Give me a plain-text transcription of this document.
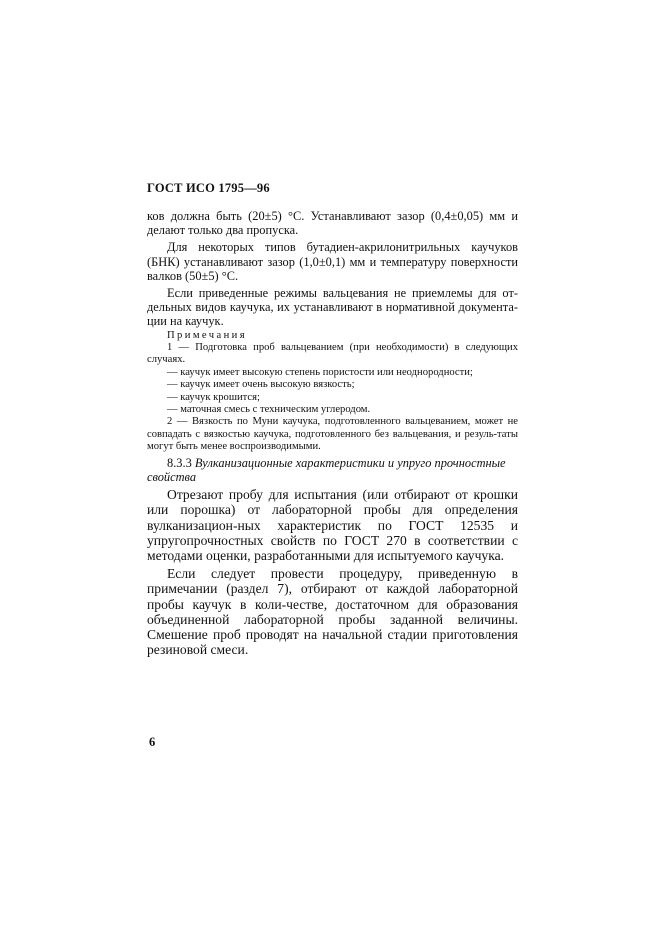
ГОСТ ИСО 1795—96

ков должна быть (20±5) °С. Устанавливают зазор (0,4±0,05) мм и делают только два пропуска.

Для некоторых типов бутадиен-акрилонитрильных каучуков (БНК) устанавливают зазор (1,0±0,1) мм и температуру поверхности валков (50±5) °С.

Если приведенные режимы вальцевания не приемлемы для от-дельных видов каучука, их устанавливают в нормативной документа-ции на каучук.

Примечания

1 — Подготовка проб вальцеванием (при необходимости) в следующих случаях.

— каучук имеет высокую степень пористости или неоднородности;

— каучук имеет очень высокую вязкость;

— каучук крошится;

— маточная смесь с техническим углеродом.

2 — Вязкость по Муни каучука, подготовленного вальцеванием, может не совпадать с вязкостью каучука, подготовленного без вальцевания, и резуль-таты могут быть менее воспроизводимыми.

8.3.3 Вулканизационные характеристики и упруго прочностные свойства

Отрезают пробу для испытания (или отбирают от крошки или порошка) от лабораторной пробы для определения вулканизацион-ных характеристик по ГОСТ 12535 и упругопрочностных свойств по ГОСТ 270 в соответствии с методами оценки, разработанными для испытуемого каучука.

Если следует провести процедуру, приведенную в примечании (раздел 7), отбирают от каждой лабораторной пробы каучук в коли-честве, достаточном для образования объединенной лабораторной пробы заданной величины. Смешение проб проводят на начальной стадии приготовления резиновой смеси.

6
